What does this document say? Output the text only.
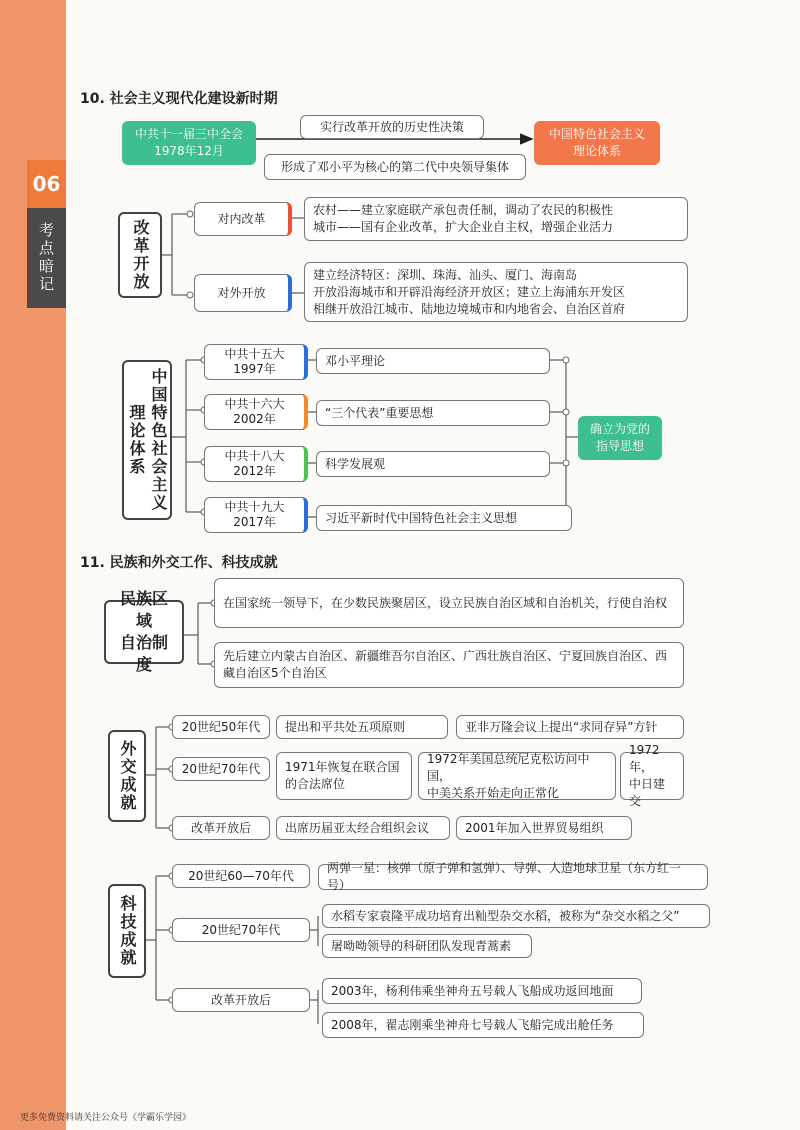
06
考点暗记
10. 社会主义现代化建设新时期
中共十一届三中全会
1978年12月
实行改革开放的历史性决策
中国特色社会主义
理论体系
形成了邓小平为核心的第二代中央领导集体
改革开放
对内改革
农村——建立家庭联产承包责任制，调动了农民的积极性
城市——国有企业改革，扩大企业自主权，增强企业活力
对外开放
建立经济特区：深圳、珠海、汕头、厦门、海南岛
开放沿海城市和开辟沿海经济开放区；建立上海浦东开发区
相继开放沿江城市、陆地边境城市和内地省会、自治区首府
中国特色社会主义理论体系
中共十五大
1997年
邓小平理论
中共十六大
2002年	“三个代表”重要思想
中共十八大
2012年
科学发展观
中共十九大
2017年	习近平新时代中国特色社会主义思想
确立为党的
指导思想
11. 民族和外交工作、科技成就
民族区域
自治制度
在国家统一领导下，在少数民族聚居区，设立民族自治区域和自治机关，行使自治权
先后建立内蒙古自治区、新疆维吾尔自治区、广西壮族自治区、宁夏回族自治区、西藏自治区5个自治区
外交成就
20世纪50年代	提出和平共处五项原则	亚非万隆会议上提出“求同存异”方针
20世纪70年代	1971年恢复在联合国
的合法席位
1972年美国总统尼克松访问中国，
中美关系开始走向正常化
1972年，
中日建交
改革开放后	出席历届亚太经合组织会议	2001年加入世界贸易组织
科技成就
20世纪60—70年代
两弹一星：核弹（原子弹和氢弹）、导弹、人造地球卫星（东方红一号）
20世纪70年代
水稻专家袁隆平成功培育出籼型杂交水稻，被称为“杂交水稻之父”
屠呦呦领导的科研团队发现青蒿素
改革开放后
2003年，杨利伟乘坐神舟五号载人飞船成功返回地面
2008年，翟志刚乘坐神舟七号载人飞船完成出舱任务
更多免费资料请关注公众号《学霸乐学园》
